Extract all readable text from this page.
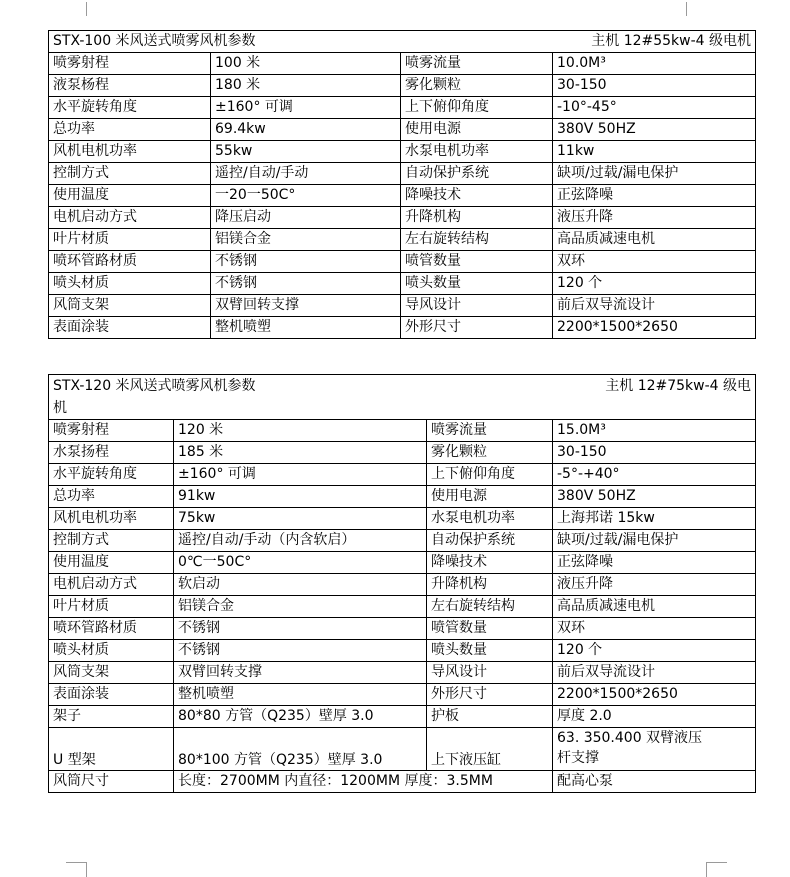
STX-100 米风送式喷雾风机参数 主机 12#55kw-4 级电机			

喷雾射程	100 米	喷雾流量	10.0M³
液泵杨程	180 米	雾化颗粒	30-150
水平旋转角度	±160° 可调	上下俯仰角度	-10°-45°
总功率	69.4kw	使用电源	380V 50HZ
风机电机功率	55kw	水泵电机功率	11kw
控制方式	遥控/自动/手动	自动保护系统	缺项/过载/漏电保护
使用温度	一20一50C°	降噪技术	正弦降噪
电机启动方式	降压启动	升降机构	液压升降
叶片材质	铝镁合金	左右旋转结构	高品质减速电机
喷环管路材质	不锈钢	喷管数量	双环
喷头材质	不锈钢	喷头数量	120 个
风筒支架	双臂回转支撑	导风设计	前后双导流设计
表面涂装	整机喷塑	外形尺寸	2200*1500*2650
STX-120 米风送式喷雾风机参数 主机 12#75kw-4 级电

机			
喷雾射程	120 米	喷雾流量	15.0M³
水泵扬程	185 米	雾化颗粒	30-150
水平旋转角度	±160° 可调	上下俯仰角度	-5°-+40°
总功率	91kw	使用电源	380V 50HZ
风机电机功率	75kw	水泵电机功率	上海邦诺 15kw
控制方式	遥控/自动/手动（内含软启）	自动保护系统	缺项/过载/漏电保护
使用温度	0℃一50C°	降噪技术	正弦降噪
电机启动方式	软启动	升降机构	液压升降
叶片材质	铝镁合金	左右旋转结构	高品质减速电机
喷环管路材质	不锈钢	喷管数量	双环
喷头材质	不锈钢	喷头数量	120 个
风筒支架	双臂回转支撑	导风设计	前后双导流设计
表面涂装	整机喷塑	外形尺寸	2200*1500*2650
架子	80*80 方管（Q235）壁厚 3.0	护板	厚度 2.0
U 型架	80*100 方管（Q235）壁厚 3.0	上下液压缸	63. 350.400 双臂液压
杆支撑
风筒尺寸	长度：2700MM 内直径：1200MM 厚度：3.5MM		配高心泵
